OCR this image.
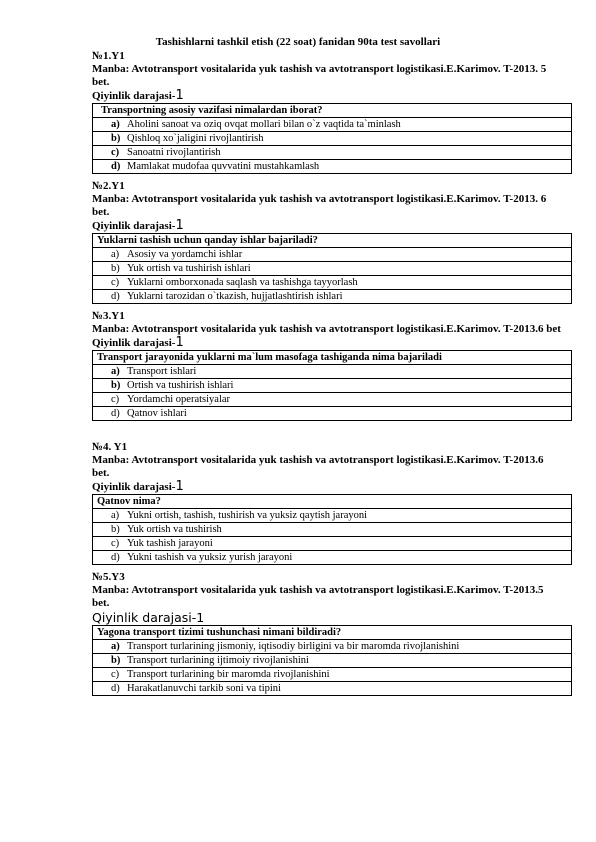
Tashishlarni tashkil etish (22 soat) fanidan 90ta test savollari
№1.Y1
Manba: Avtotransport vositalarida yuk tashish va avtotransport logistikasi.E.Karimov. T-2013. 5 bet.
Qiyinlik darajasi-1
Transportning asosiy vazifasi nimalardan iborat?
a) Aholini sanoat va oziq ovqat mollari bilan o`z vaqtida ta`minlash
b) Qishloq xo`jaligini rivojlantirish
c) Sanoatni rivojlantirish
d) Mamlakat mudofaa quvvatini mustahkamlash
№2.Y1
Manba: Avtotransport vositalarida yuk tashish va avtotransport logistikasi.E.Karimov. T-2013. 6 bet.
Qiyinlik darajasi-1
Yuklarni tashish uchun qanday ishlar bajariladi?
a) Asosiy va yordamchi ishlar
b) Yuk ortish va tushirish ishlari
c) Yuklarni omborxonada saqlash va tashishga tayyorlash
d) Yuklarni tarozidan o`tkazish, hujjatlashtirish ishlari
№3.Y1
Manba: Avtotransport vositalarida yuk tashish va avtotransport logistikasi.E.Karimov. T-2013.6 bet
Qiyinlik darajasi-1
Transport jarayonida yuklarni ma`lum masofaga tashiganda nima bajariladi
a) Transport ishlari
b) Ortish va tushirish ishlari
c) Yordamchi operatsiyalar
d) Qatnov ishlari
№4. Y1
Manba: Avtotransport vositalarida yuk tashish va avtotransport logistikasi.E.Karimov. T-2013.6 bet.
Qiyinlik darajasi-1
Qatnov nima?
a) Yukni ortish, tashish, tushirish va yuksiz qaytish jarayoni
b) Yuk ortish va tushirish
c) Yuk tashish jarayoni
d) Yukni tashish va yuksiz yurish jarayoni
№5.Y3
Manba: Avtotransport vositalarida yuk tashish va avtotransport logistikasi.E.Karimov. T-2013.5 bet.
Qiyinlik darajasi-1
Yagona transport tizimi tushunchasi nimani bildiradi?
a) Transport turlarining jismoniy, iqtisodiy birligini va bir maromda rivojlanishini
b) Transport turlarining ijtimoiy rivojlanishini
c) Transport turlarining bir maromda rivojlanishini
d) Harakatlanuvchi tarkib soni va tipini
